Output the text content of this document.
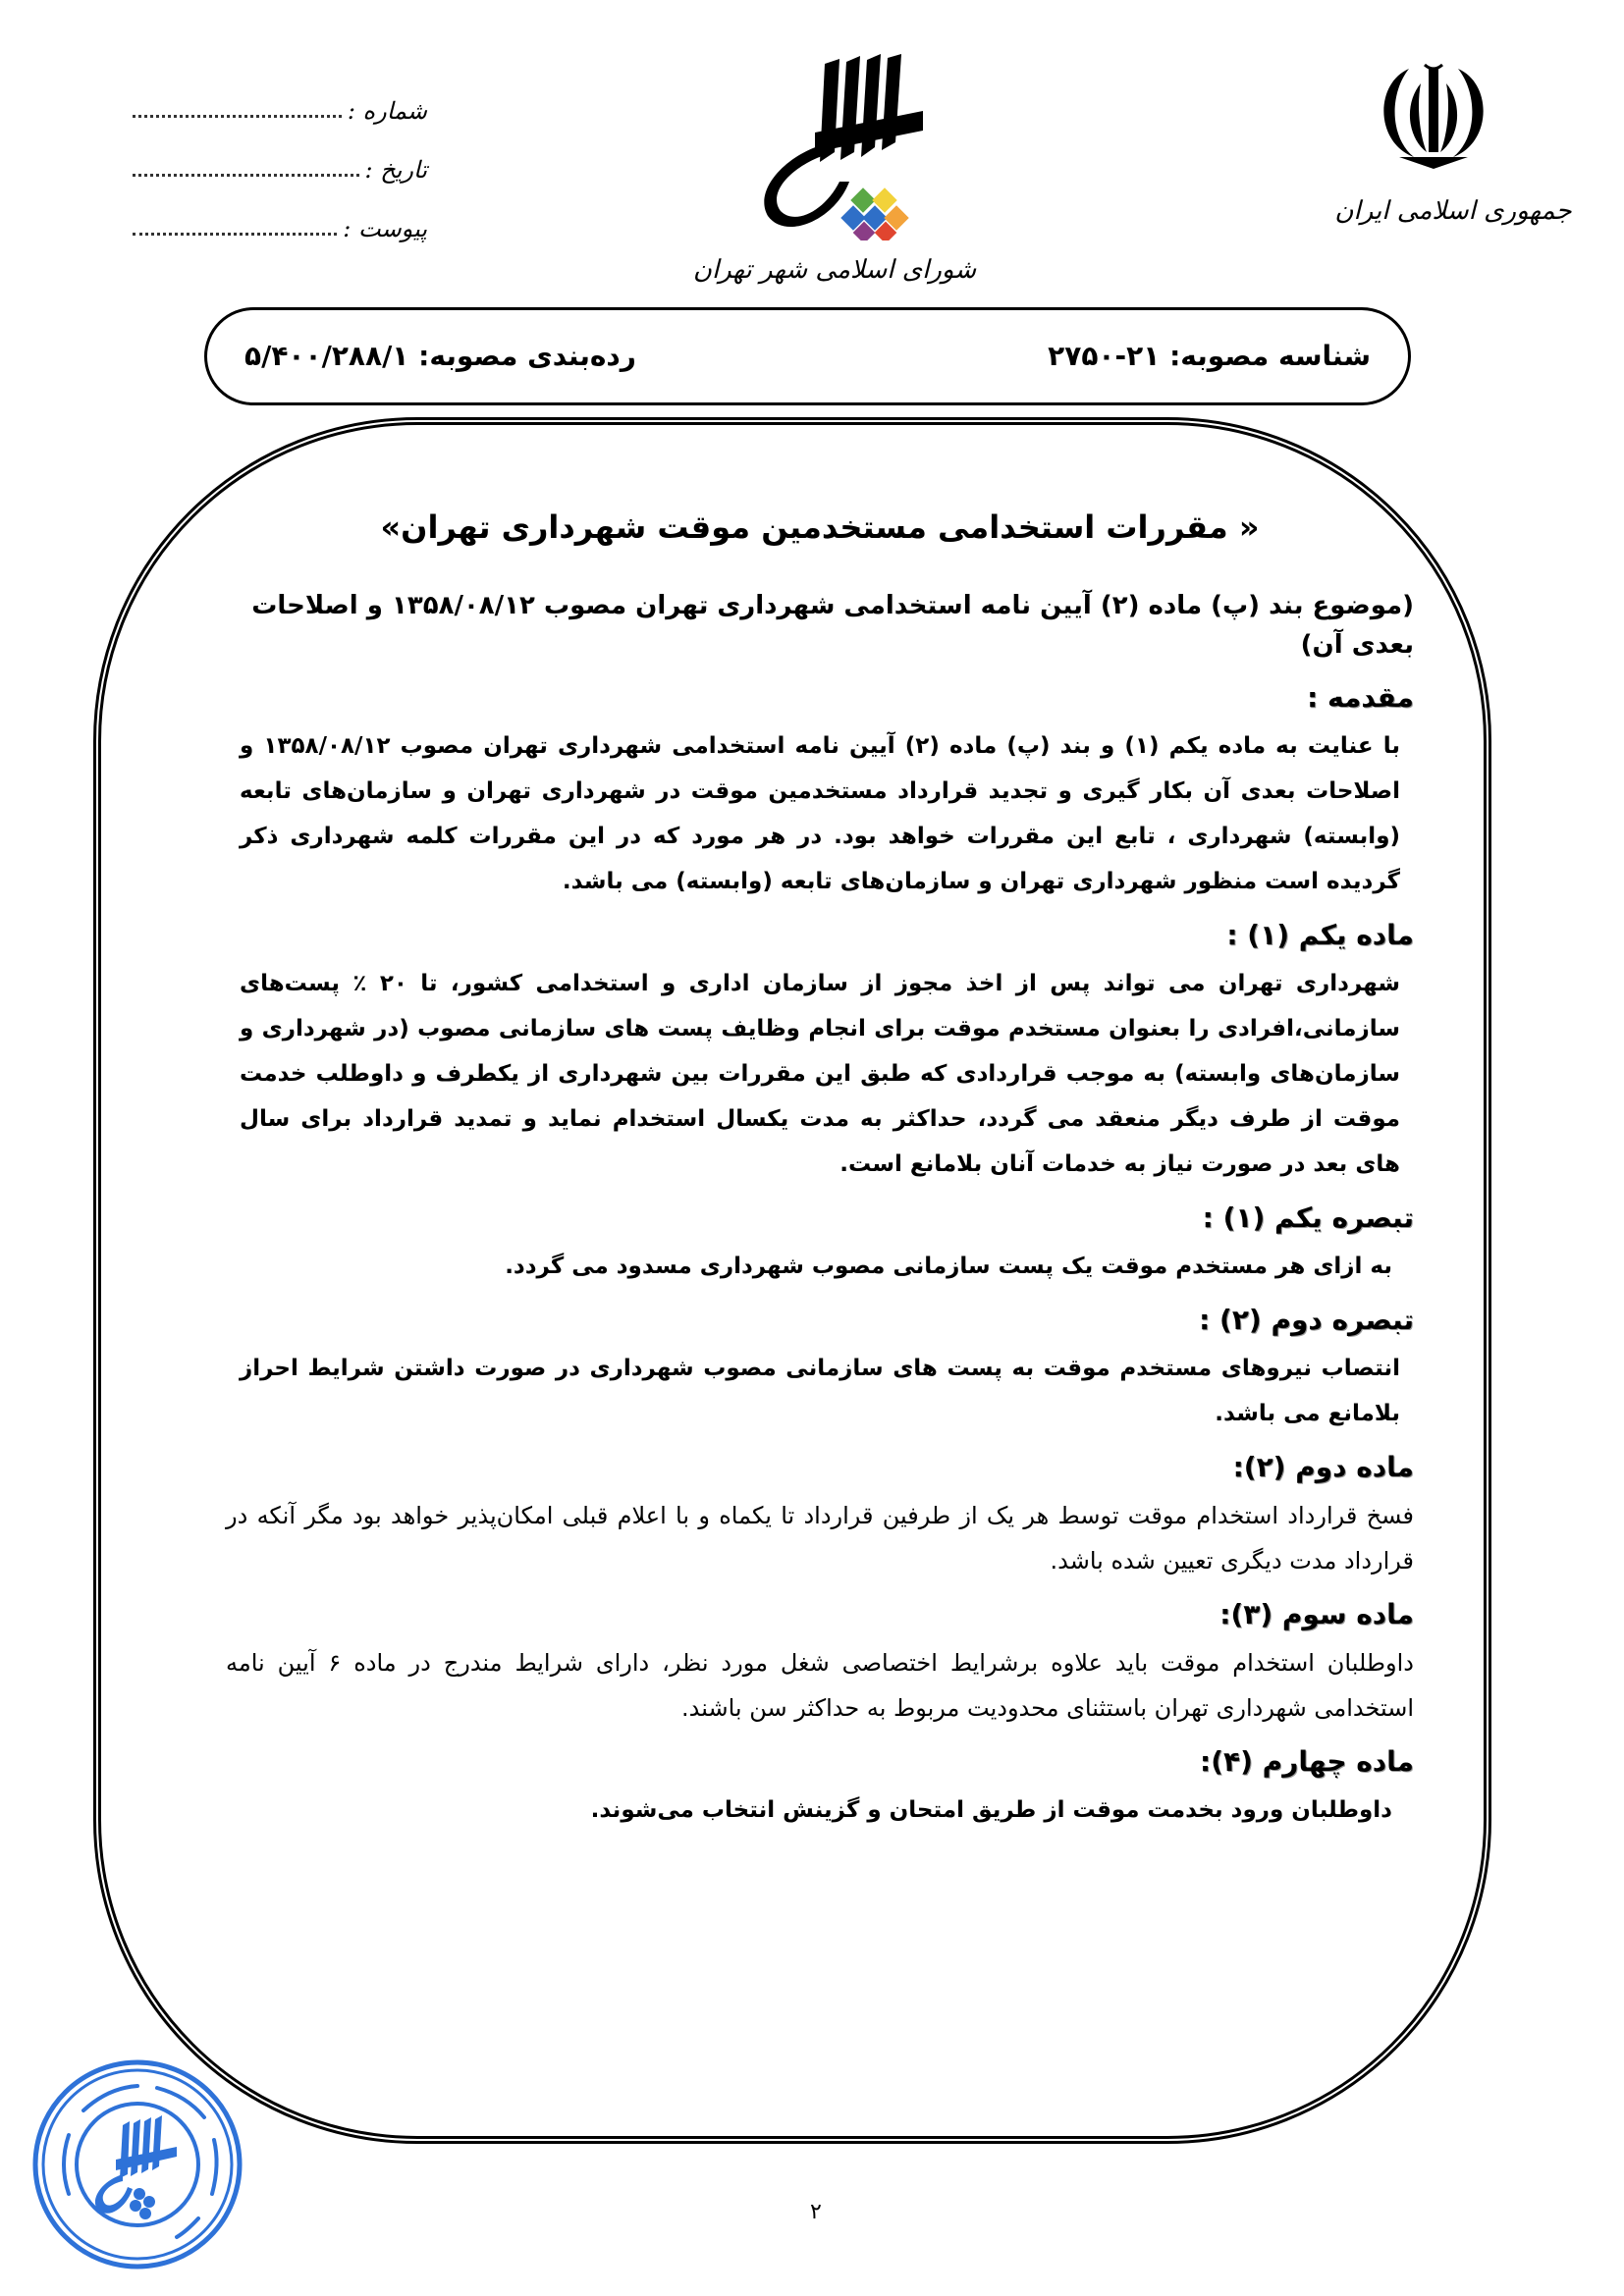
شماره :
تاریخ :
پیوست :
شورای اسلامی شهر تهران
جمهوری اسلامی ایران
شناسه مصوبه: ۲۱-۲۷۵۰
رده‌بندی مصوبه: ۵/۴۰۰/۲۸۸/۱
« مقررات استخدامی مستخدمین موقت شهرداری تهران»
(موضوع بند (پ) ماده (۲) آیین نامه استخدامی شهرداری تهران مصوب ۱۳۵۸/۰۸/۱۲ و اصلاحات بعدی آن)
مقدمه :

با عنایت به ماده یکم (۱) و بند (پ) ماده (۲) آیین نامه استخدامی شهرداری تهران مصوب ۱۳۵۸/۰۸/۱۲ و اصلاحات بعدی آن بکار گیری و تجدید قرارداد مستخدمین موقت در شهرداری تهران و سازمان‌های تابعه (وابسته) شهرداری ، تابع این مقررات خواهد بود. در هر مورد که در این مقررات کلمه شهرداری ذکر گردیده است منظور شهرداری تهران و سازمان‌های تابعه (وابسته) می باشد.

ماده یکم (۱) :

شهرداری تهران می تواند پس از اخذ مجوز از سازمان اداری و استخدامی کشور، تا ۲۰ ٪ پست‌های سازمانی،افرادی را بعنوان مستخدم موقت برای انجام وظایف پست های سازمانی مصوب (در شهرداری و سازمان‌های وابسته) به موجب قراردادی که طبق این مقررات بین شهرداری از یکطرف و داوطلب خدمت موقت از طرف دیگر منعقد می گردد، حداکثر به مدت یکسال استخدام نماید و تمدید قرارداد برای سال های بعد در صورت نیاز به خدمات آنان بلامانع است.

تبصره یکم (۱) :

به ازای هر مستخدم موقت یک پست سازمانی مصوب شهرداری مسدود می گردد.

تبصره دوم (۲) :

انتصاب نیروهای مستخدم موقت به پست های سازمانی مصوب شهرداری در صورت داشتن شرایط احراز بلامانع می باشد.

ماده دوم (۲):

فسخ قرارداد استخدام موقت توسط هر یک از طرفین قرارداد تا یکماه و با اعلام قبلی امکان‌پذیر خواهد بود مگر آنکه در قرارداد مدت دیگری تعیین شده باشد.

ماده سوم (۳):

داوطلبان استخدام موقت باید علاوه برشرایط اختصاصی شغل مورد نظر، دارای شرایط مندرج در ماده ۶ آیین نامه استخدامی شهرداری تهران باستثنای محدودیت مربوط به حداکثر سن باشند.

ماده چهارم (۴):

داوطلبان ورود بخدمت موقت از طریق امتحان و گزینش انتخاب می‌شوند.

۲
